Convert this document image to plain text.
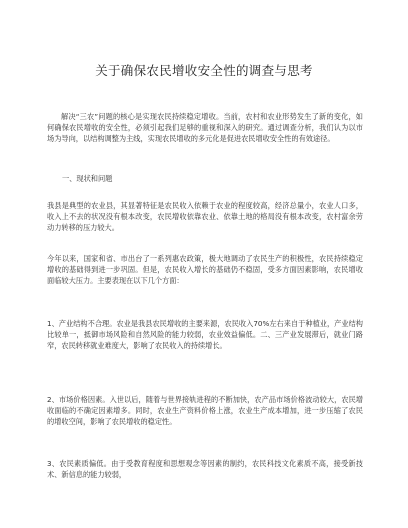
关于确保农民增收安全性的调查与思考

解决“三农”问题的核心是实现农民持续稳定增收。当前，农村和农业形势发生了新的变化，如何确保农民增收的安全性，必须引起我们足够的重视和深入的研究。通过调查分析，我们认为以市场为导向，以结构调整为主线，实现农民增收的多元化是促进农民增收安全性的有效途径。

一、现状和问题

我县是典型的农业县，其显著特征是农民收入依赖于农业的程度较高，经济总量小，农业人口多，收入上不去的状况没有根本改变，农民增收依靠农业、依靠土地的格局没有根本改变，农村富余劳动力转移的压力较大。

今年以来，国家和省、市出台了一系列惠农政策，极大地调动了农民生产的积极性，农民持续稳定增收的基础得到进一步巩固。但是，农民收入增长的基础仍不稳固，受多方面因素影响，农民增收面临较大压力。主要表现在以下几个方面：

1、产业结构不合理。农业是我县农民增收的主要来源，农民收入70%左右来自于种植业，产业结构比较单一，抵御市场风险和自然风险的能力较弱，农业效益偏低。二、三产业发展滞后，就业门路窄，农民转移就业难度大，影响了农民收入的持续增长。

2、市场价格因素。入世以后，随着与世界接轨进程的不断加快，农产品市场价格波动较大，农民增收面临的不确定因素增多。同时，农业生产资料价格上涨，农业生产成本增加，进一步压缩了农民的增收空间，影响了农民增收的稳定性。

3、农民素质偏低。由于受教育程度和思想观念等因素的制约，农民科技文化素质不高，接受新技术、新信息的能力较弱，
